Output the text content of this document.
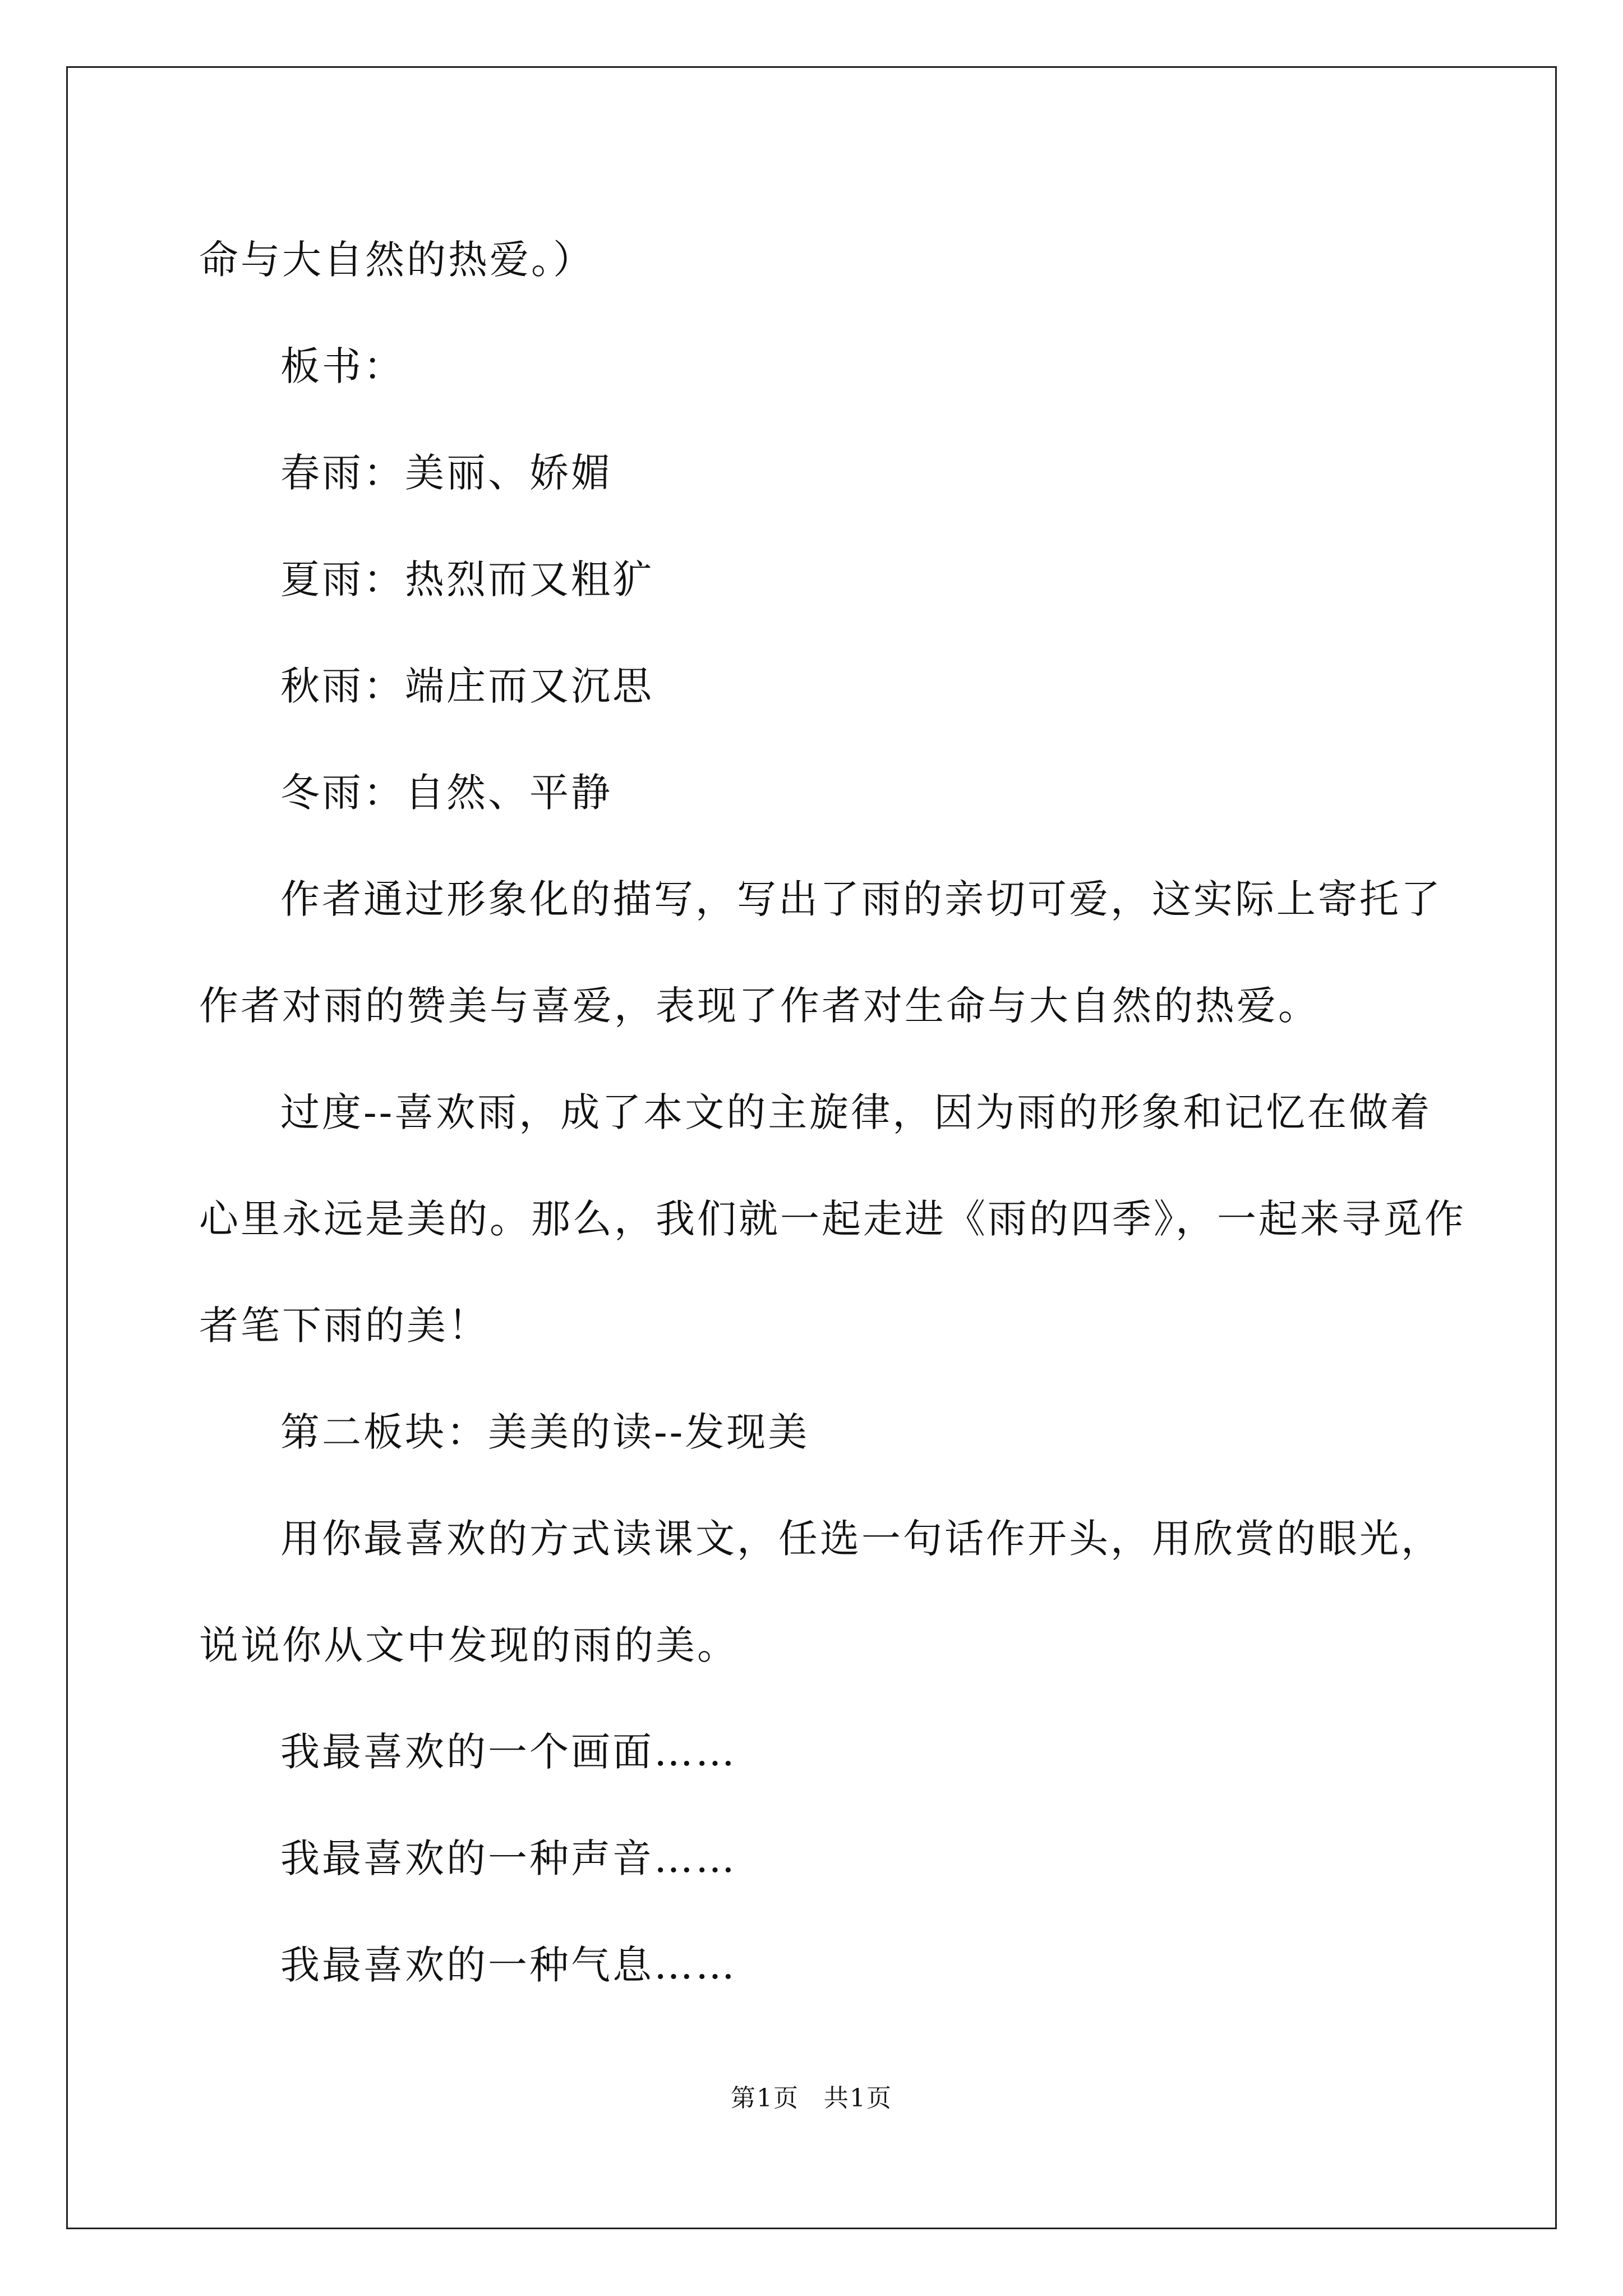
命与大自然的热爱。）

板书：

春雨：美丽、娇媚

夏雨：热烈而又粗犷

秋雨：端庄而又沉思

冬雨：自然、平静

作者通过形象化的描写，写出了雨的亲切可爱，这实际上寄托了

作者对雨的赞美与喜爱，表现了作者对生命与大自然的热爱。

过度--喜欢雨，成了本文的主旋律，因为雨的形象和记忆在做着

心里永远是美的。那么，我们就一起走进《雨的四季》，一起来寻觅作

者笔下雨的美！

第二板块：美美的读--发现美

用你最喜欢的方式读课文，任选一句话作开头，用欣赏的眼光，

说说你从文中发现的雨的美。

我最喜欢的一个画面……

我最喜欢的一种声音……

我最喜欢的一种气息……

第1页 共1页
